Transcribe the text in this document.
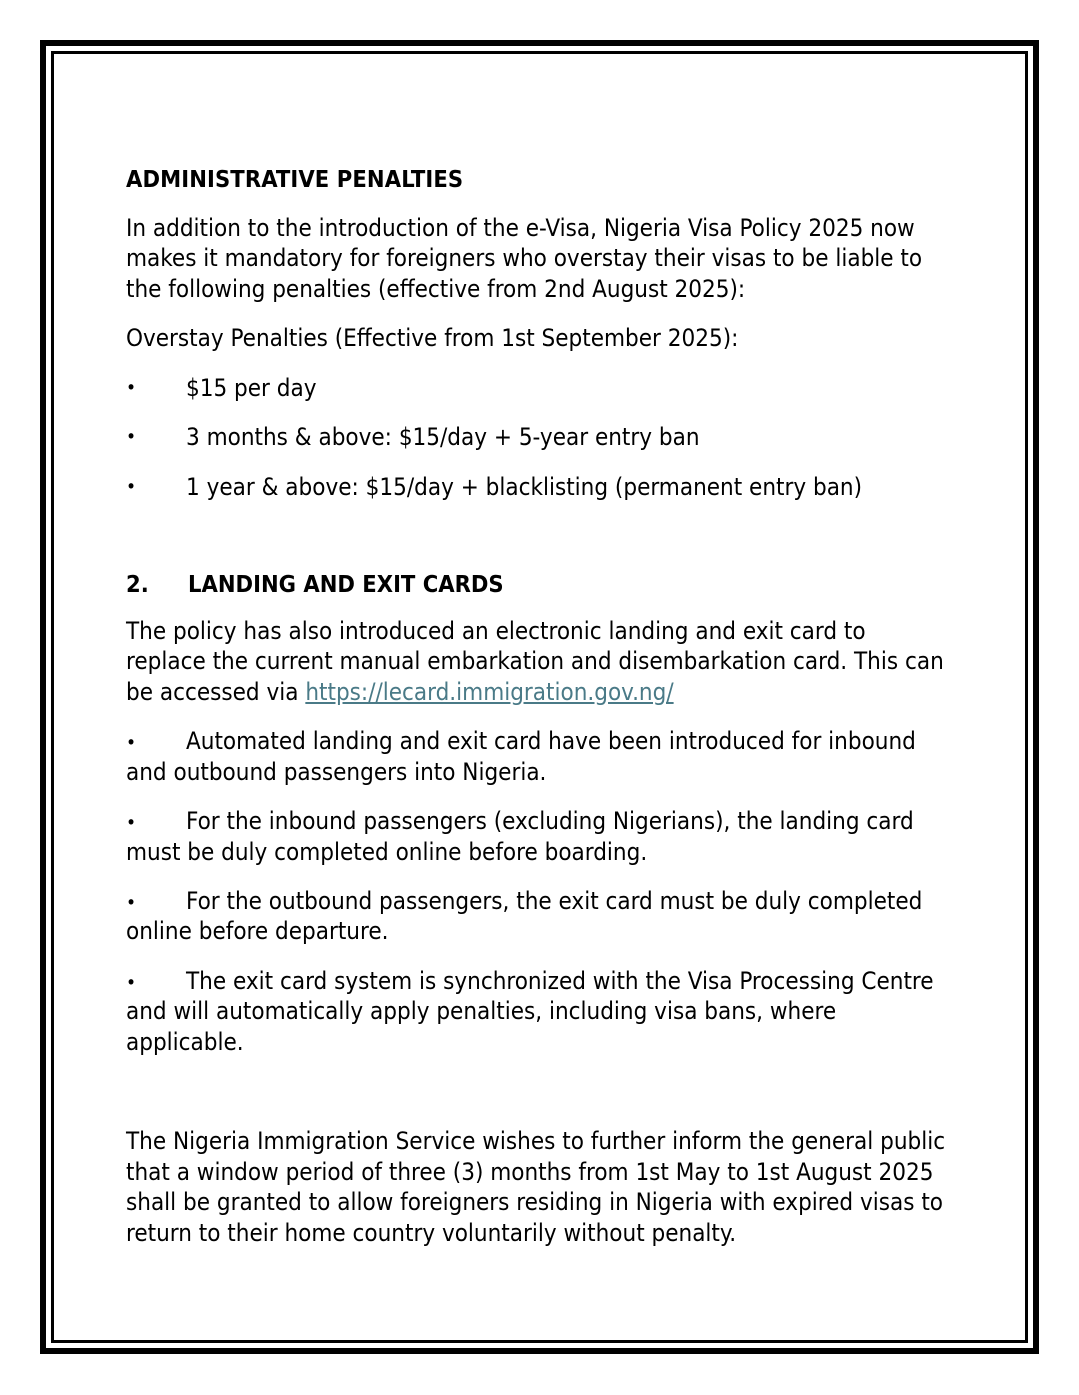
ADMINISTRATIVE PENALTIES

In addition to the introduction of the e-Visa, Nigeria Visa Policy 2025 now makes it mandatory for foreigners who overstay their visas to be liable to the following penalties (effective from 2nd August 2025):

Overstay Penalties (Effective from 1st September 2025):

•	$15 per day
•	3 months & above: $15/day + 5-year entry ban
•	1 year & above: $15/day + blacklisting (permanent entry ban)
2.	LANDING AND EXIT CARDS

The policy has also introduced an electronic landing and exit card to replace the current manual embarkation and disembarkation card. This can be accessed via https://lecard.immigration.gov.ng/

• Automated landing and exit card have been introduced for inbound and outbound passengers into Nigeria.

• For the inbound passengers (excluding Nigerians), the landing card must be duly completed online before boarding.

• For the outbound passengers, the exit card must be duly completed online before departure.

• The exit card system is synchronized with the Visa Processing Centre and will automatically apply penalties, including visa bans, where applicable.

The Nigeria Immigration Service wishes to further inform the general public that a window period of three (3) months from 1st May to 1st August 2025 shall be granted to allow foreigners residing in Nigeria with expired visas to return to their home country voluntarily without penalty.
